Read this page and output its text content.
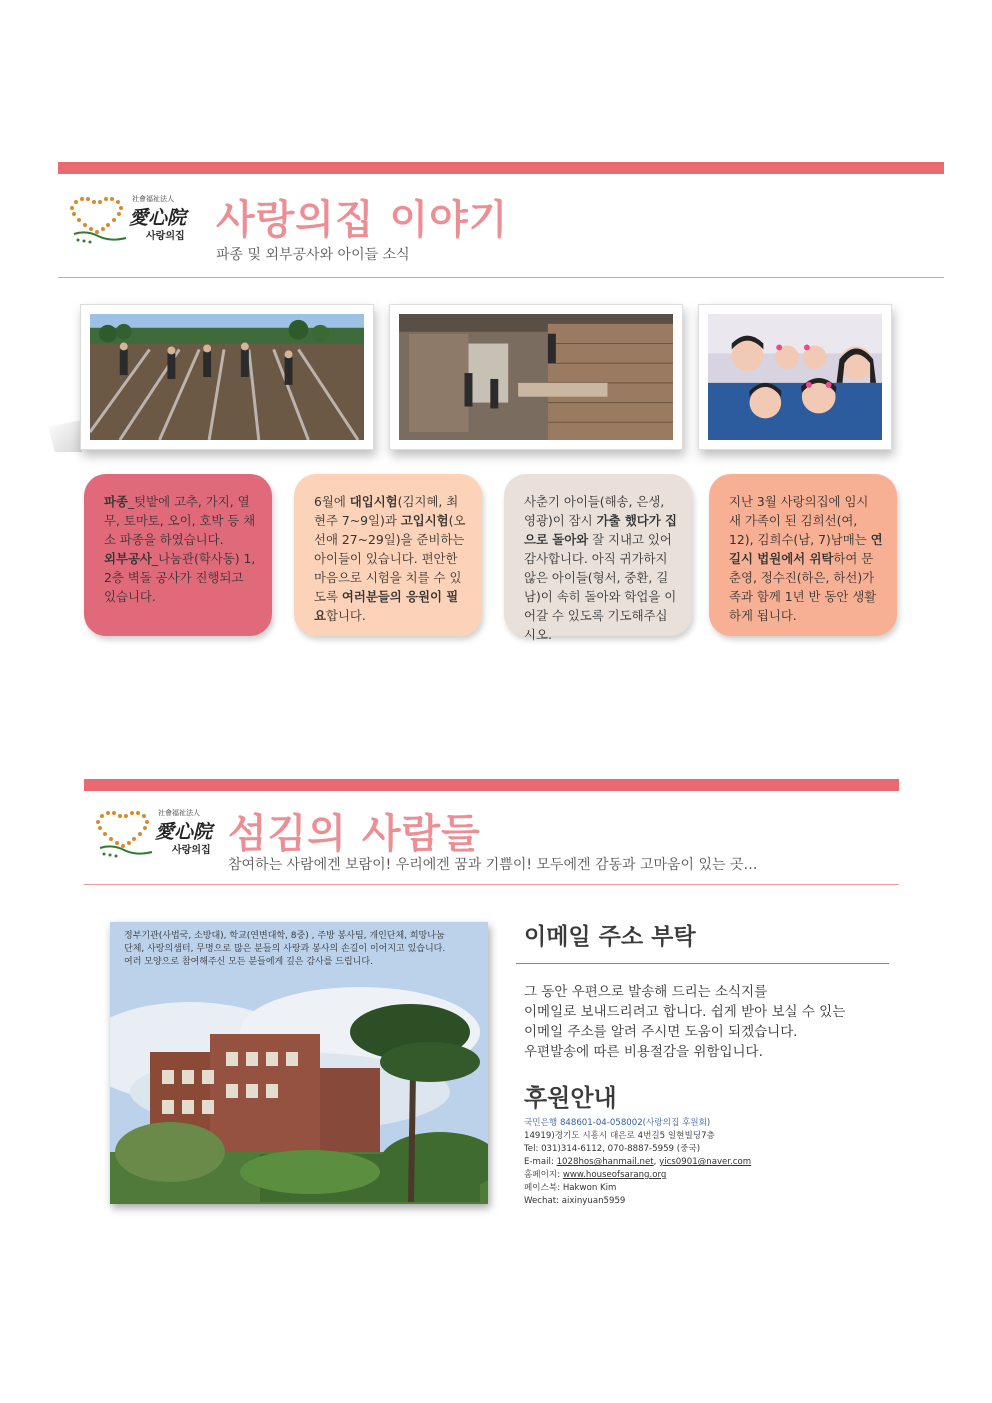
社會福祉法人
愛心院
사랑의집 사랑의집 이야기
파종 및 외부공사와 아이들 소식
파종_텃밭에 고추, 가지, 열무, 토마토, 오이, 호박 등 채소 파종을 하였습니다.
외부공사_나눔관(학사동) 1, 2층 벽돌 공사가 진행되고 있습니다.
6월에 대입시험(김지혜, 최현주 7~9일)과 고입시험(오선애 27~29일)을 준비하는 아이들이 있습니다. 편안한 마음으로 시험을 치를 수 있도록 여러분들의 응원이 필요합니다.
사춘기 아이들(해송, 은생, 영광)이 잠시 가출 했다가 집으로 돌아와 잘 지내고 있어 감사합니다. 아직 귀가하지 않은 아이들(형서, 중환, 길남)이 속히 돌아와 학업을 이어갈 수 있도록 기도해주십시오.
지난 3월 사랑의집에 임시 새 가족이 된 김희선(여, 12), 김희수(남, 7)남매는 연길시 법원에서 위탁하여 문춘영, 정수진(하은, 하선)가족과 함께 1년 반 동안 생활하게 됩니다.
社會福祉法人
愛心院
사랑의집 섬김의 사람들
참여하는 사람에겐 보람이! 우리에겐 꿈과 기쁨이! 모두에겐 감동과 고마움이 있는 곳…
정부기관(사법국, 소방대), 학교(연변대학, 8중) , 주방 봉사팀, 개인단체, 희망나눔
단체, 사랑의샘터, 무명으로 많은 분들의 사랑과 봉사의 손길이 이어지고 있습니다.
여러 모양으로 참여해주신 모든 분들에게 깊은 감사를 드립니다.
이메일 주소 부탁
그 동안 우편으로 발송해 드리는 소식지를
이메일로 보내드리려고 합니다. 쉽게 받아 보실 수 있는
이메일 주소를 알려 주시면 도움이 되겠습니다.
우편발송에 따른 비용절감을 위함입니다.
후원안내
국민은행 848601-04-058002(사랑의집 후원회)
14919)경기도 시흥시 대은로 4번길5 일현빌딩7층
Tel: 031)314-6112, 070-8887-5959 (중국)
E-mail: 1028hos@hanmail.net, yics0901@naver.com
홈페이지: www.houseofsarang.org
페이스북: Hakwon Kim
Wechat: aixinyuan5959
